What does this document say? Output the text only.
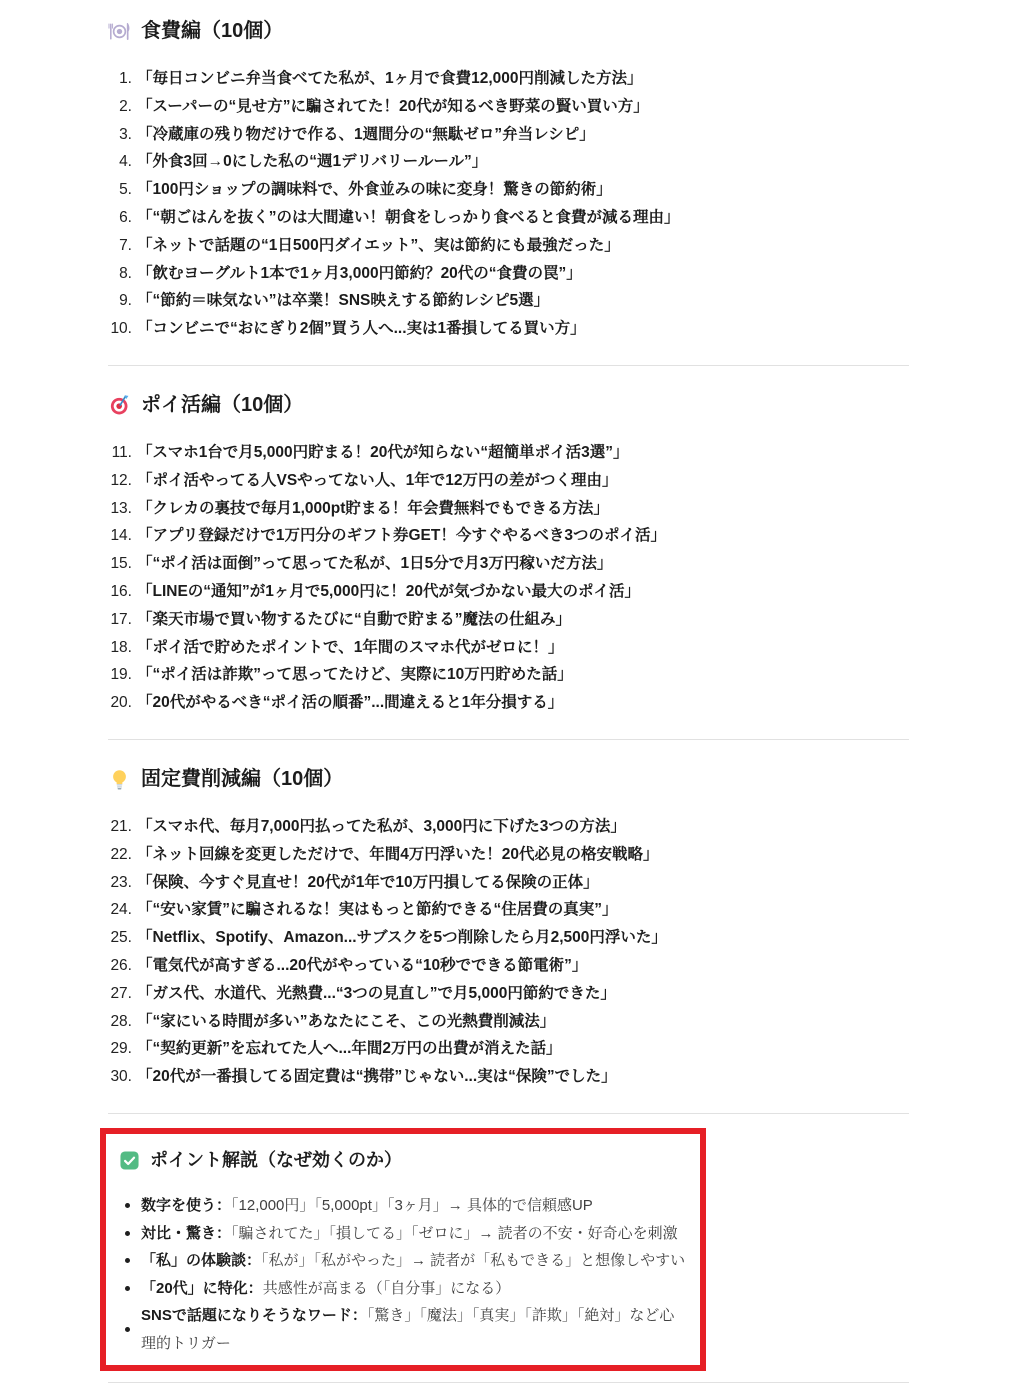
食費編（10個）
1. 「毎日コンビニ弁当食べてた私が、1ヶ月で食費12,000円削減した方法」
2. 「スーパーの“見せ方”に騙されてた！20代が知るべき野菜の賢い買い方」
3. 「冷蔵庫の残り物だけで作る、1週間分の“無駄ゼロ”弁当レシピ」
4. 「外食3回→0にした私の“週1デリバリールール”」
5. 「100円ショップの調味料で、外食並みの味に変身！驚きの節約術」
6. 「“朝ごはんを抜く”のは大間違い！朝食をしっかり食べると食費が減る理由」
7. 「ネットで話題の“1日500円ダイエット”、実は節約にも最強だった」
8. 「飲むヨーグルト1本で1ヶ月3,000円節約？20代の“食費の罠”」
9. 「“節約＝味気ない”は卒業！SNS映えする節約レシピ5選」
10. 「コンビニで“おにぎり2個”買う人へ...実は1番損してる買い方」
ポイ活編（10個）
11. 「スマホ1台で月5,000円貯まる！20代が知らない“超簡単ポイ活3選”」
12. 「ポイ活やってる人VSやってない人、1年で12万円の差がつく理由」
13. 「クレカの裏技で毎月1,000pt貯まる！年会費無料でもできる方法」
14. 「アプリ登録だけで1万円分のギフト券GET！今すぐやるべき3つのポイ活」
15. 「“ポイ活は面倒”って思ってた私が、1日5分で月3万円稼いだ方法」
16. 「LINEの“通知”が1ヶ月で5,000円に！20代が気づかない最大のポイ活」
17. 「楽天市場で買い物するたびに“自動で貯まる”魔法の仕組み」
18. 「ポイ活で貯めたポイントで、1年間のスマホ代がゼロに！」
19. 「“ポイ活は詐欺”って思ってたけど、実際に10万円貯めた話」
20. 「20代がやるべき“ポイ活の順番”...間違えると1年分損する」
固定費削減編（10個）
21. 「スマホ代、毎月7,000円払ってた私が、3,000円に下げた3つの方法」
22. 「ネット回線を変更しただけで、年間4万円浮いた！20代必見の格安戦略」
23. 「保険、今すぐ見直せ！20代が1年で10万円損してる保険の正体」
24. 「“安い家賃”に騙されるな！実はもっと節約できる“住居費の真実”」
25. 「Netflix、Spotify、Amazon...サブスクを5つ削除したら月2,500円浮いた」
26. 「電気代が高すぎる...20代がやっている“10秒でできる節電術”」
27. 「ガス代、水道代、光熱費...“3つの見直し”で月5,000円節約できた」
28. 「“家にいる時間が多い”あなたにこそ、この光熱費削減法」
29. 「“契約更新”を忘れてた人へ...年間2万円の出費が消えた話」
30. 「20代が一番損してる固定費は“携帯”じゃない...実は“保険”でした」
ポイント解説（なぜ効くのか）
数字を使う：「12,000円」「5,000pt」「3ヶ月」→ 具体的で信頼感UP
対比・驚き：「騙されてた」「損してる」「ゼロに」→ 読者の不安・好奇心を刺激
「私」の体験談：「私が」「私がやった」→ 読者が「私もできる」と想像しやすい
「20代」に特化：共感性が高まる（「自分事」になる）
SNSで話題になりそうなワード：「驚き」「魔法」「真実」「詐欺」「絶対」など心理的トリガー
